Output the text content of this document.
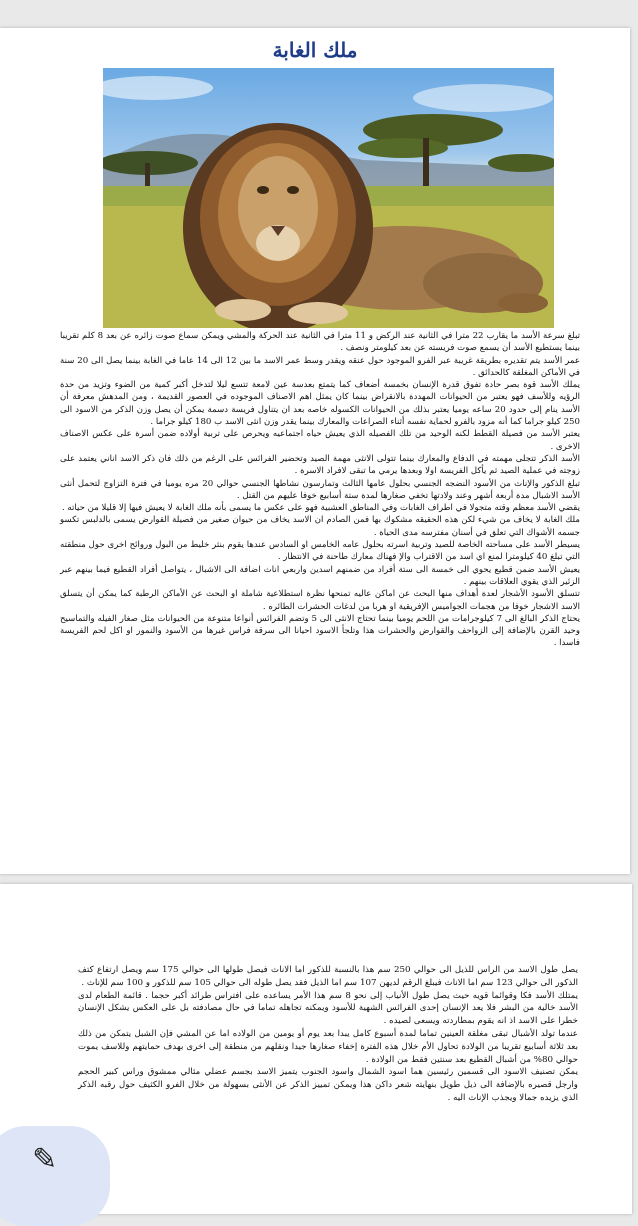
ملك الغابة

تبلغ سرعة الأسد ما يقارب 22 مترا في الثانية عند الركض و 11 مترا في الثانية عند الحركة والمشي ويمكن سماع صوت زائره عن بعد 8 كلم تقريبا بينما يستطيع الأسد أن يسمع صوت فريسته عن بعد كيلومتر ونصف .

عمر الأسد يتم تقديره بطريقة غريبة عبر الفرو الموجود حول عنقه ويقدر وسط عمر الاسد ما بين 12 الى 14 عاما في الغابة بينما يصل الى 20 سنة في الأماكن المغلقة كالحدائق .

يملك الأسد قوة بصر حادة تفوق قدرة الإنسان بخمسة أضعاف كما يتمتع بعدسة عين لامعة تتسع ليلا لتدخل أكبر كمية من الضوء وتزيد من حدة الرؤيه وللأسف فهو يعتبر من الحيوانات المهددة بالانقراض بينما كان يمثل اهم الاصناف الموجوده في العصور القديمة ، ومن المدهش معرفة أن الأسد ينام إلى حدود 20 ساعه يوميا يعتبر بذلك من الحيوانات الكسوله خاصه بعد ان يتناول فريسة دسمة يمكن أن يصل وزن الذكر من الاسود الى 250 كيلو جراما كما أنه مزود بالفرو لحماية نفسه أثناء الصراعات والمعارك بينما يقدر وزن انثى الاسد ب 180 كيلو جراما .

يعتبر الأسد من فصيلة القطط لكنه الوحيد من تلك الفصيله الذي يعيش حياه اجتماعيه ويحرص على تربية أولاده ضمن أسرة على عكس الاصناف الاخرى .

الأسد الذكر تتجلى مهمته في الدفاع والمعارك بينما تتولى الانثى مهمة الصيد وتحضير الفرائس على الرغم من ذلك فان ذكر الاسد اناني يعتمد على زوجته في عملية الصيد ثم يأكل الفريسة اولا وبعدها يرمي ما تبقى لافراد الاسرة .

تبلغ الذكور والإناث من الأسود النضجه الجنسي بحلول عامها الثالث وتمارسون نشاطها الجنسي حوالي 20 مره يوميا في فترة التزاوج لتحمل أنثى الأسد الاشبال مدة أربعة أشهر وعند ولادتها تخفي صغارها لمدة ستة أسابيع خوفا عليهم من القتل .

يقضي الأسد معظم وقته متجولا في اطراف الغابات وفي المناطق العشبية فهو على عكس ما يسمى بأنه ملك الغابة لا يعيش فيها إلا قليلا من حياته .

ملك الغابة لا يخاف من شيء لكن هذه الحقيقه مشكوك بها فمن الصادم ان الاسد يخاف من حيوان صغير من فصيلة القوارض يسمى بالدلبس تكسو جسمه الأشواك التي تعلق في أسنان مفترسه مدى الحياة .

يسيطر الأسد على مساحته الخاصة للصيد وتربية اسرته بحلول عامه الخامس او السادس عندها يقوم بنثر خليط من البول وروائح اخرى حول منطقته التي تبلغ 40 كيلومترا لمنع اي اسد من الاقتراب والإ فهناك معارك طاحنة في الانتظار .

يعيش الأسد ضمن قطيع يحوي الى خمسة الى ستة أفراد من ضمنهم اسدين واربعي اناث اضافة الى الاشبال ، يتواصل أفراد القطيع فيما بينهم عبر الزئير الذي يقوي العلاقات بينهم .

تتسلق الأسود الأشجار لعدة أهداف منها البحث عن اماكن عاليه تمنحها نظرة استطلاعية شاملة او البحث عن الأماكن الرطبة كما يمكن أن يتسلق الاسد الاشجار خوفا من هجمات الجواميس الإفريقية او هربا من لدغات الحشرات الطائره .

يحتاج الذكر البالغ الى 7 كيلوجرامات من اللحم يوميا بينما تحتاج الانثى الى 5 وتضم الفرائس أنواعا متنوعة من الحيوانات مثل صغار الفيله والتماسيح وحيد القرن بالإضافة إلى الزواحف والقوارض والحشرات هذا وتلجأ الاسود احيانا الى سرقة فراس غيرها من الأسود والنمور او اكل لحم الفريسة فاسدا .

يصل طول الاسد من الراس للذيل الى حوالي 250 سم هذا بالنسبة للذكور اما الاناث فيصل طولها الى حوالي 175 سم ويصل ارتفاع كتف الذكور الى حوالي 123 سم اما الاناث فيبلغ الرقم لديهن 107 سم اما الذيل فقد يصل طوله الى حوالي 105 سم للذكور و 100 سم للإناث .

يمتلك الأسد فكا وقوائما قويه حيث يصل طول الأنياب إلى نحو 8 سم هذا الأمر يساعده على افتراس طرائد أكبر حجما . قائمة الطعام لدى الأسد خالية من البشر فلا يعد الإنسان إحدى الفرائس الشهية للأسود ويمكنه تجاهله تماما في حال مصادفته بل على العكس يشكل الإنسان خطرا على الاسد اذ انه يقوم بمطاردته ويسعى لصيده .

عندما تولد الأشبال تبقى مغلقة العينين تماما لمدة أسبوع كامل يبدا بعد يوم أو يومين من الولاده اما عن المشي فإن الشبل يتمكن من ذلك بعد ثلاثة أسابيع تقريبا من الولادة تحاول الأم خلال هذه الفترة إخفاء صغارها جيدا ونقلهم من منطقة إلى اخرى بهدف حمايتهم وللاسف يموت حوالي 80% من أشبال القطيع بعد سنتين فقط من الولادة .

يمكن تصنيف الاسود الى قسمين رئيسين هما اسود الشمال واسود الجنوب يتميز الاسد بجسم عضلي مثالي ممشوق وراس كبير الحجم وارجل قصيره بالإضافة الى ذيل طويل بنهايته شعر داكن هذا ويمكن تمييز الذكر عن الأنثى بسهولة من خلال الفرو الكثيف حول رقبه الذكر الذي يزيده جمالا ويجذب الإناث اليه .

✎
